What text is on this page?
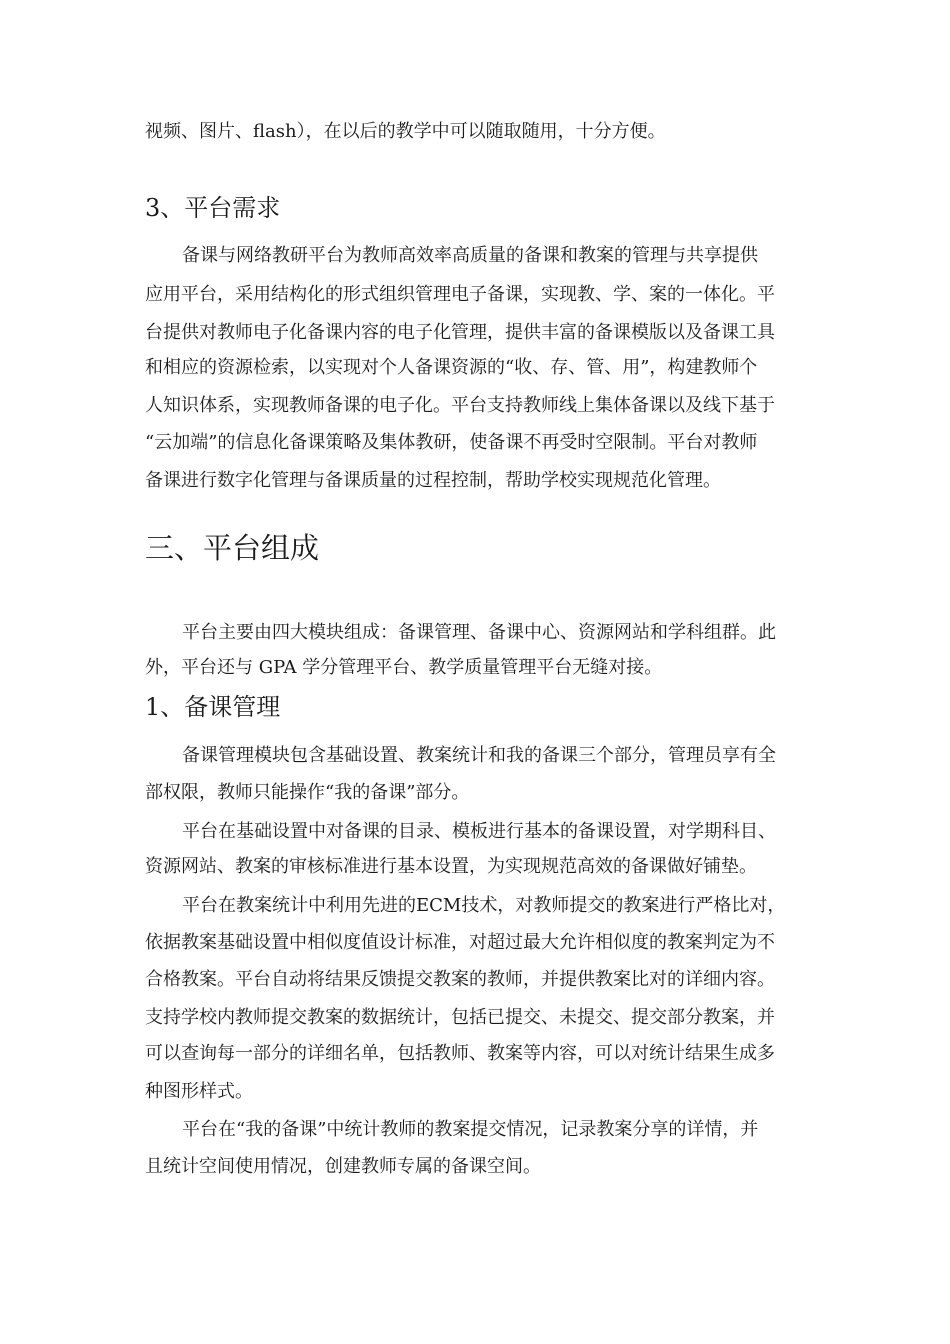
视频、图片、flash），在以后的教学中可以随取随用，十分方便。
3、平台需求
备课与网络教研平台为教师高效率高质量的备课和教案的管理与共享提供
应用平台，采用结构化的形式组织管理电子备课，实现教、学、案的一体化。平
台提供对教师电子化备课内容的电子化管理，提供丰富的备课模版以及备课工具
和相应的资源检索，以实现对个人备课资源的“收、存、管、用”，构建教师个
人知识体系，实现教师备课的电子化。平台支持教师线上集体备课以及线下基于
“云加端”的信息化备课策略及集体教研，使备课不再受时空限制。平台对教师
备课进行数字化管理与备课质量的过程控制，帮助学校实现规范化管理。
三、平台组成
平台主要由四大模块组成：备课管理、备课中心、资源网站和学科组群。此
外，平台还与 GPA 学分管理平台、教学质量管理平台无缝对接。
1、备课管理
备课管理模块包含基础设置、教案统计和我的备课三个部分，管理员享有全
部权限，教师只能操作“我的备课”部分。
平台在基础设置中对备课的目录、模板进行基本的备课设置，对学期科目、
资源网站、教案的审核标准进行基本设置，为实现规范高效的备课做好铺垫。
平台在教案统计中利用先进的ECM技术，对教师提交的教案进行严格比对，
依据教案基础设置中相似度值设计标准，对超过最大允许相似度的教案判定为不
合格教案。平台自动将结果反馈提交教案的教师，并提供教案比对的详细内容。
支持学校内教师提交教案的数据统计，包括已提交、未提交、提交部分教案，并
可以查询每一部分的详细名单，包括教师、教案等内容，可以对统计结果生成多
种图形样式。
平台在“我的备课”中统计教师的教案提交情况，记录教案分享的详情，并
且统计空间使用情况，创建教师专属的备课空间。
